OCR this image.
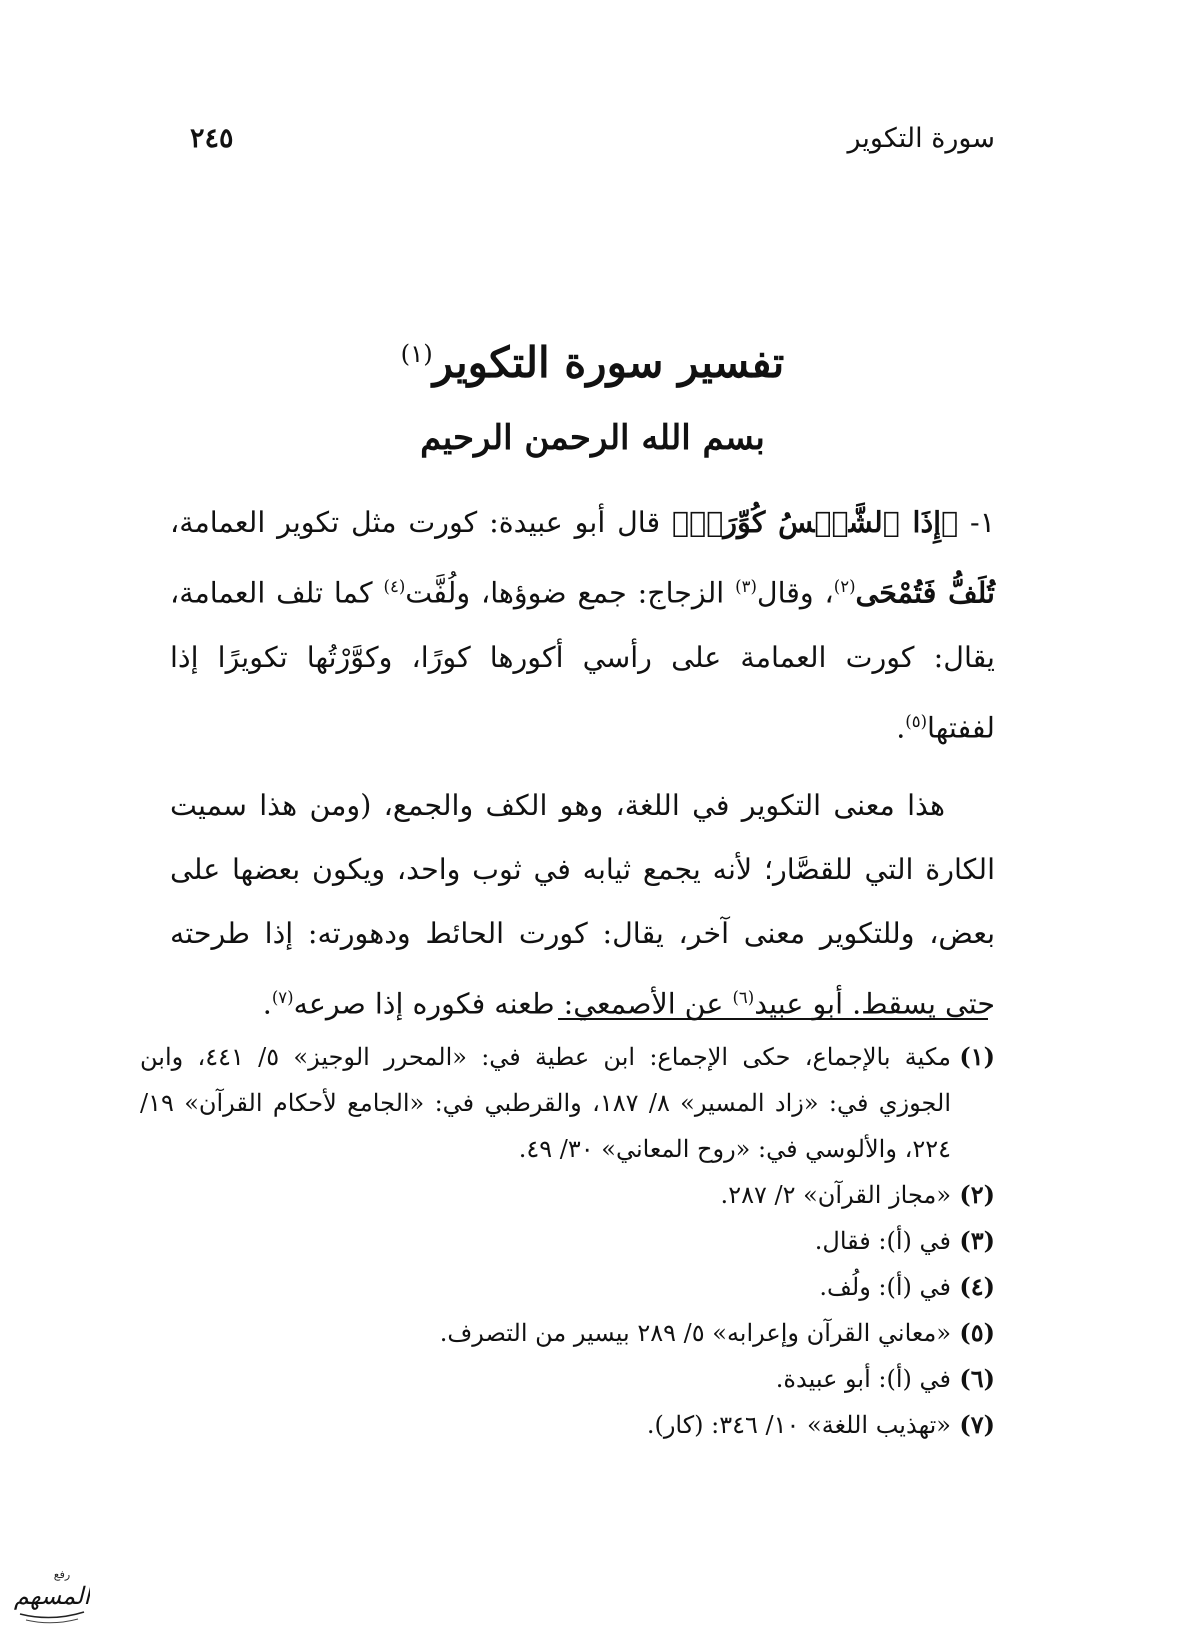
سورة التكوير
٢٤٥
تفسير سورة التكوير$^{(١)}$
بسم الله الرحمن الرحيم

١- ﴿إِذَا ٱلشَّمۡسُ كُوِّرَتۡ﴾ قال أبو عبيدة: كورت مثل تكوير العمامة، تُلَفُّ فَتُمْحَى$^{(٢)}$، وقال$^{(٣)}$ الزجاج: جمع ضوؤها، ولُفَّت$^{(٤)}$ كما تلف العمامة، يقال: كورت العمامة على رأسي أكورها كورًا، وكوَّرْتُها تكويرًا إذا لففتها$^{(٥)}$.

هذا معنى التكوير في اللغة، وهو الكف والجمع، (ومن هذا سميت الكارة التي للقصَّار؛ لأنه يجمع ثيابه في ثوب واحد، ويكون بعضها على بعض، وللتكوير معنى آخر، يقال: كورت الحائط ودهورته: إذا طرحته حتى يسقط. أبو عبيد$^{(٦)}$ عن الأصمعي: طعنه فكوره إذا صرعه$^{(٧)}$.

(١)
مكية بالإجماع، حكى الإجماع: ابن عطية في: «المحرر الوجيز» ٥/ ٤٤١، وابن الجوزي في: «زاد المسير» ٨/ ١٨٧، والقرطبي في: «الجامع لأحكام القرآن» ١٩/ ٢٢٤، والألوسي في: «روح المعاني» ٣٠/ ٤٩.
(٢)
«مجاز القرآن» ٢/ ٢٨٧.
(٣)
في (أ): فقال.
(٤)
في (أ): ولُف.
(٥)
«معاني القرآن وإعرابه» ٥/ ٢٨٩ بيسير من التصرف.
(٦)
في (أ): أبو عبيدة.
(٧)
«تهذيب اللغة» ١٠/ ٣٤٦: (كار).
رفع
المسهم
